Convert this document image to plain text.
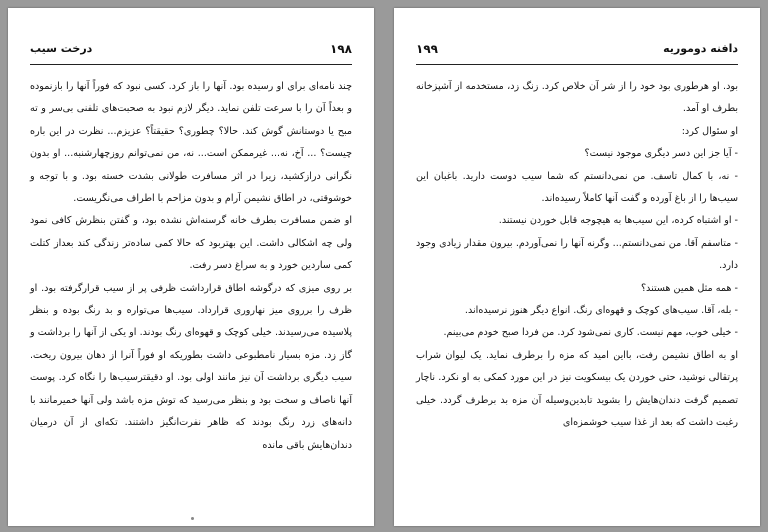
درخت سیب	۱۹۸

چند نامه‌ای برای او رسیده بود. آنها را باز کرد. کسی نبود که فوراً آنها را بازنموده و بعداً آن را با سرعت تلفن نماید. دیگر لازم نبود به صحبت‌های تلفنی بی‌سر و ته مبح یا دوستانش گوش کند. حالا؟ چطوری؟ حقیقتاً؟ عزیزم... نظرت در این باره چیست؟ ... آخ، نه... غیرممکن است... نه، من نمی‌توانم روزچهارشنبه... او بدون نگرانی درازکشید، زیرا در اثر مسافرت طولانی بشدت خسته بود. و با توجه و خوشوقتی، در اطاق نشیمن آرام و بدون مزاحم با اطراف می‌نگریست.

او ضمن مسافرت بطرف خانه گرسنه‌اش نشده بود، و گفتن بنظرش کافی نمود ولی چه اشکالی داشت. این بهتربود که حالا کمی ساده‌تر زندگی کند بعداز کتلت کمی ساردین خورد و به سراغ دسر رفت.

بر روی میزی که درگوشه اطاق قرارداشت ظرفی پر از سیب قرارگرفته بود. او ظرف را برروی میز نهاروری قرارداد. سیب‌ها می‌تواره و بد رنگ بوده و بنظر پلاسیده می‌رسیدند. خیلی کوچک و قهوه‌ای رنگ بودند. او یکی از آنها را برداشت و گاز زد. مزه بسیار نامطبوعی داشت بطوریکه او فوراً آنرا از دهان بیرون ریخت. سیب دیگری برداشت آن نیز مانند اولی بود. او دقیقترسیب‌ها را نگاه کرد. پوست آنها ناصاف و سخت بود و بنظر می‌رسید که توش مزه باشد ولی آنها خمیرمانند با دانه‌های زرد رنگ بودند که ظاهر نفرت‌انگیز داشتند. تکه‌ای از آن درمیان دندان‌هایش باقی مانده

۱۹۹	دافنه دوموریه

بود. او هرطوری بود خود را از شر آن خلاص کرد. زنگ زد، مستخدمه از آشپزخانه بطرف او آمد.

او سئوال کرد:

- آیا جز این دسر دیگری موجود نیست؟

- نه، با کمال تاسف. من نمی‌دانستم که شما سیب دوست دارید. باغبان این سیب‌ها را از باغ آورده و گفت آنها کاملاً رسیده‌اند.

- او اشتباه کرده، این سیب‌ها به هیچوجه قابل خوردن نیستند.

- متاسفم آقا. من نمی‌دانستم... وگرنه آنها را نمی‌آوردم. بیرون مقدار زیادی وجود دارد.

- همه مثل همین هستند؟

- بله، آقا. سیب‌های کوچک و قهوه‌ای رنگ. انواع دیگر هنوز نرسیده‌اند.

- خیلی خوب، مهم نیست. کاری نمی‌شود کرد. من فردا صبح خودم می‌بینم.

او به اطاق نشیمن رفت، بااین امید که مزه را برطرف نماید. یک لیوان شراب پرتقالی نوشید، حتی خوردن یک بیسکویت نیز در این مورد کمکی به او نکرد. ناچار تصمیم گرفت دندان‌هایش را بشوید تابدین‌وسیله آن مزه بد برطرف گردد. خیلی رغبت داشت که بعد از غذا سیب خوشمزه‌ای
